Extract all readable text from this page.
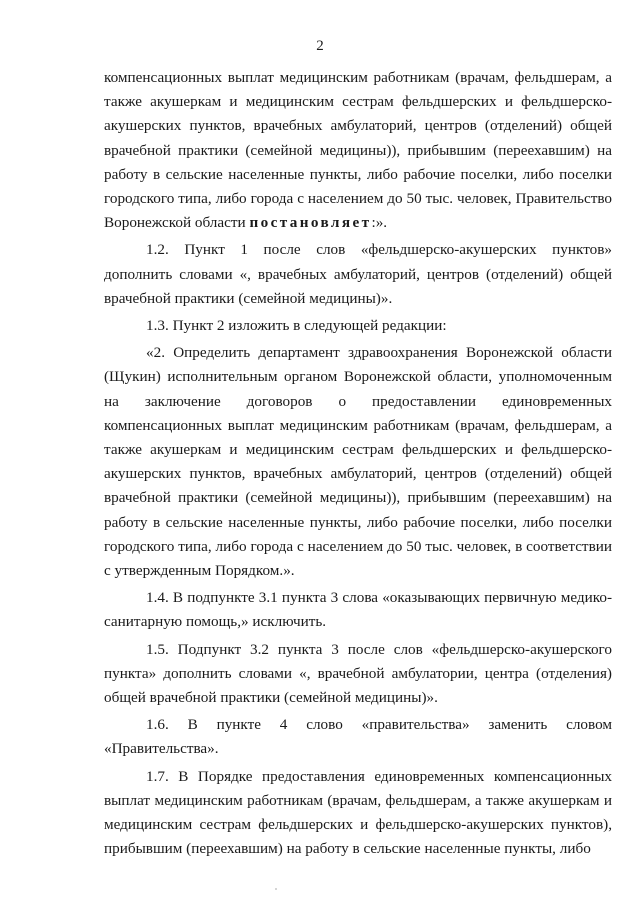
2

компенсационных выплат медицинским работникам (врачам, фельдшерам, а также акушеркам и медицинским сестрам фельдшерских и фельдшерско-акушерских пунктов, врачебных амбулаторий, центров (отделений) общей врачебной практики (семейной медицины)), прибывшим (переехавшим) на работу в сельские населенные пункты, либо рабочие поселки, либо поселки городского типа, либо города с населением до 50 тыс. человек, Правительство Воронежской области постановляет:».

1.2. Пункт 1 после слов «фельдшерско-акушерских пунктов» дополнить словами «, врачебных амбулаторий, центров (отделений) общей врачебной практики (семейной медицины)».

1.3. Пункт 2 изложить в следующей редакции:

«2. Определить департамент здравоохранения Воронежской области (Щукин) исполнительным органом Воронежской области, уполномоченным на заключение договоров о предоставлении единовременных компенсационных выплат медицинским работникам (врачам, фельдшерам, а также акушеркам и медицинским сестрам фельдшерских и фельдшерско-акушерских пунктов, врачебных амбулаторий, центров (отделений) общей врачебной практики (семейной медицины)), прибывшим (переехавшим) на работу в сельские населенные пункты, либо рабочие поселки, либо поселки городского типа, либо города с населением до 50 тыс. человек, в соответствии с утвержденным Порядком.».

1.4. В подпункте 3.1 пункта 3 слова «оказывающих первичную медико-санитарную помощь,» исключить.

1.5. Подпункт 3.2 пункта 3 после слов «фельдшерско-акушерского пункта» дополнить словами «, врачебной амбулатории, центра (отделения) общей врачебной практики (семейной медицины)».

1.6. В пункте 4 слово «правительства» заменить словом «Правительства».

1.7. В Порядке предоставления единовременных компенсационных выплат медицинским работникам (врачам, фельдшерам, а также акушеркам и медицинским сестрам фельдшерских и фельдшерско-акушерских пунктов), прибывшим (переехавшим) на работу в сельские населенные пункты, либо
